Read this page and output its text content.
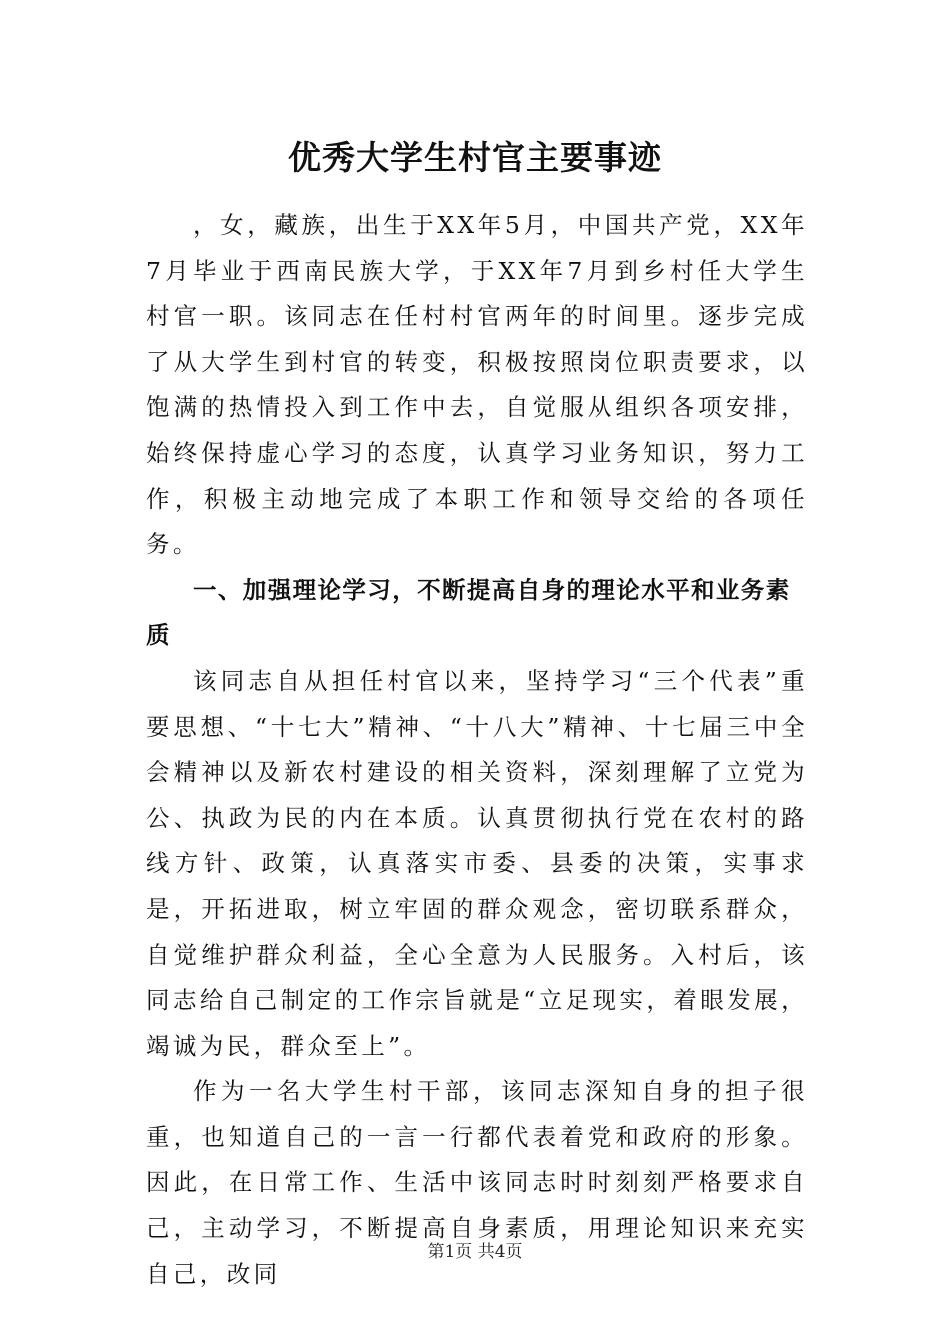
优秀大学生村官主要事迹

，女，藏族，出生于XX年5月，中国共产党，XX年7月毕业于西南民族大学，于XX年7月到乡村任大学生村官一职。该同志在任村村官两年的时间里。逐步完成了从大学生到村官的转变，积极按照岗位职责要求，以饱满的热情投入到工作中去，自觉服从组织各项安排，始终保持虚心学习的态度，认真学习业务知识，努力工作，积极主动地完成了本职工作和领导交给的各项任务。

一、加强理论学习，不断提高自身的理论水平和业务素质

该同志自从担任村官以来，坚持学习“三个代表”重要思想、“十七大”精神、“十八大”精神、十七届三中全会精神以及新农村建设的相关资料，深刻理解了立党为公、执政为民的内在本质。认真贯彻执行党在农村的路线方针、政策，认真落实市委、县委的决策，实事求是，开拓进取，树立牢固的群众观念，密切联系群众，自觉维护群众利益，全心全意为人民服务。入村后，该同志给自己制定的工作宗旨就是“立足现实，着眼发展，竭诚为民，群众至上”。

作为一名大学生村干部，该同志深知自身的担子很重，也知道自己的一言一行都代表着党和政府的形象。因此，在日常工作、生活中该同志时时刻刻严格要求自己，主动学习，不断提高自身素质，用理论知识来充实自己，改同

第1页 共4页
